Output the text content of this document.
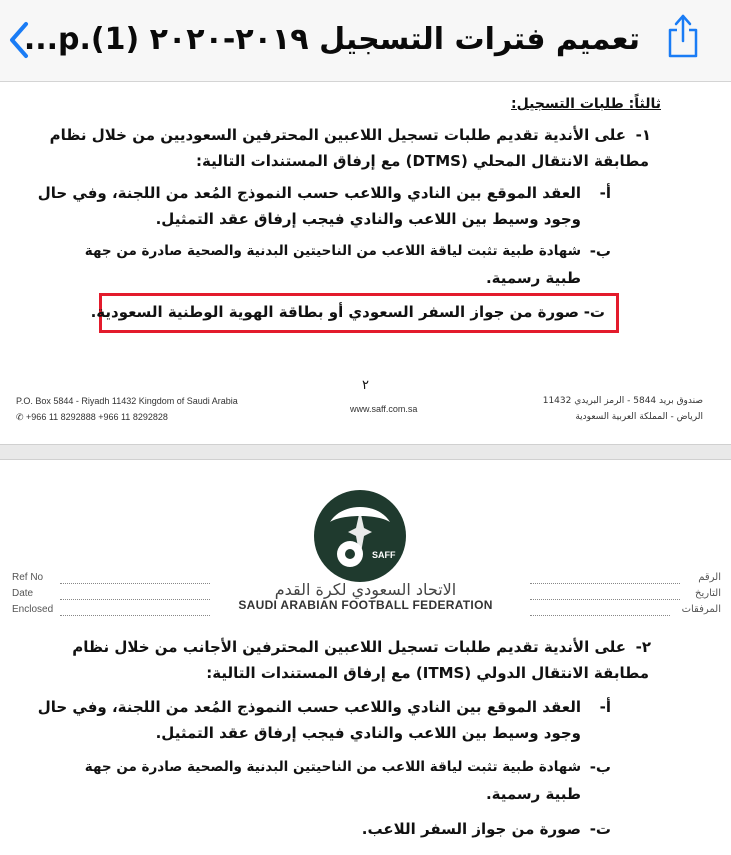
تعميم فترات التسجيل ٢٠١٩-٢٠٢٠ (1).p...
ثالثاً: طلبات التسجيل:
١-
على الأندية تقديم طلبات تسجيل اللاعبين المحترفين السعوديين من خلال نظام
مطابقة الانتقال المحلي (DTMS) مع إرفاق المستندات التالية:
أ-
العقد الموقع بين النادي واللاعب حسب النموذج المُعد من اللجنة، وفي حال
وجود وسيط بين اللاعب والنادي فيجب إرفاق عقد التمثيل.
ب-
شهادة طبية تثبت لياقة اللاعب من الناحيتين البدنية والصحية صادرة من جهة
طبية رسمية.
ت-
صورة من جواز السفر السعودي أو بطاقة الهوية الوطنية السعودية.
٢
P.O. Box 5844 - Riyadh 11432 Kingdom of Saudi Arabia
✆ +966 11 8292888 +966 11 8292828
www.saff.com.sa
صندوق بريد 5844 - الرمز البريدي 11432
الرياض - المملكة العربية السعودية
SAFF
Ref No
Date
Enclosed
الرقم
التاريخ
المرفقات
الاتحاد السعودي لكرة القدم
SAUDI ARABIAN FOOTBALL FEDERATION
٢-
على الأندية تقديم طلبات تسجيل اللاعبين المحترفين الأجانب من خلال نظام
مطابقة الانتقال الدولي (ITMS) مع إرفاق المستندات التالية:
أ-
العقد الموقع بين النادي واللاعب حسب النموذج المُعد من اللجنة، وفي حال
وجود وسيط بين اللاعب والنادي فيجب إرفاق عقد التمثيل.
ب-
شهادة طبية تثبت لياقة اللاعب من الناحيتين البدنية والصحية صادرة من جهة
طبية رسمية.
ت-
صورة من جواز السفر اللاعب.
